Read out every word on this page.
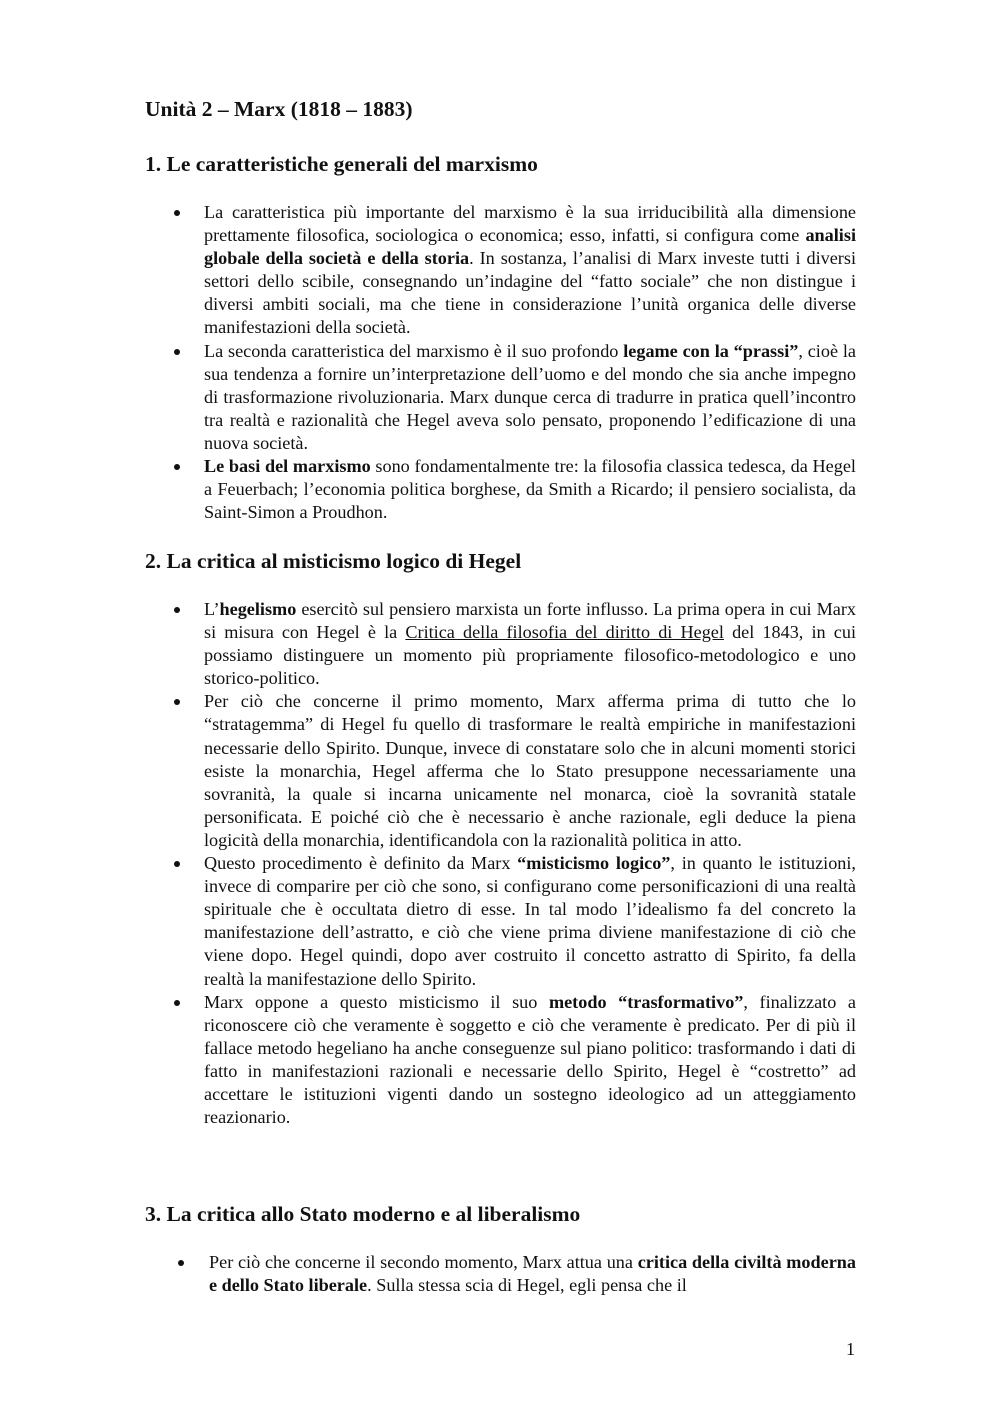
Unità 2 – Marx (1818 – 1883)
1. Le caratteristiche generali del marxismo
La caratteristica più importante del marxismo è la sua irriducibilità alla dimensione prettamente filosofica, sociologica o economica; esso, infatti, si configura come analisi globale della società e della storia. In sostanza, l’analisi di Marx investe tutti i diversi settori dello scibile, consegnando un’indagine del “fatto sociale” che non distingue i diversi ambiti sociali, ma che tiene in considerazione l’unità organica delle diverse manifestazioni della società.
La seconda caratteristica del marxismo è il suo profondo legame con la “prassi”, cioè la sua tendenza a fornire un’interpretazione dell’uomo e del mondo che sia anche impegno di trasformazione rivoluzionaria. Marx dunque cerca di tradurre in pratica quell’incontro tra realtà e razionalità che Hegel aveva solo pensato, proponendo l’edificazione di una nuova società.
Le basi del marxismo sono fondamentalmente tre: la filosofia classica tedesca, da Hegel a Feuerbach; l’economia politica borghese, da Smith a Ricardo; il pensiero socialista, da Saint-Simon a Proudhon.
2. La critica al misticismo logico di Hegel
L’hegelismo esercitò sul pensiero marxista un forte influsso. La prima opera in cui Marx si misura con Hegel è la Critica della filosofia del diritto di Hegel del 1843, in cui possiamo distinguere un momento più propriamente filosofico-metodologico e uno storico-politico.
Per ciò che concerne il primo momento, Marx afferma prima di tutto che lo “stratagemma” di Hegel fu quello di trasformare le realtà empiriche in manifestazioni necessarie dello Spirito. Dunque, invece di constatare solo che in alcuni momenti storici esiste la monarchia, Hegel afferma che lo Stato presuppone necessariamente una sovranità, la quale si incarna unicamente nel monarca, cioè la sovranità statale personificata. E poiché ciò che è necessario è anche razionale, egli deduce la piena logicità della monarchia, identificandola con la razionalità politica in atto.
Questo procedimento è definito da Marx “misticismo logico”, in quanto le istituzioni, invece di comparire per ciò che sono, si configurano come personificazioni di una realtà spirituale che è occultata dietro di esse. In tal modo l’idealismo fa del concreto la manifestazione dell’astratto, e ciò che viene prima diviene manifestazione di ciò che viene dopo. Hegel quindi, dopo aver costruito il concetto astratto di Spirito, fa della realtà la manifestazione dello Spirito.
Marx oppone a questo misticismo il suo metodo “trasformativo”, finalizzato a riconoscere ciò che veramente è soggetto e ciò che veramente è predicato. Per di più il fallace metodo hegeliano ha anche conseguenze sul piano politico: trasformando i dati di fatto in manifestazioni razionali e necessarie dello Spirito, Hegel è “costretto” ad accettare le istituzioni vigenti dando un sostegno ideologico ad un atteggiamento reazionario.
3. La critica allo Stato moderno e al liberalismo
Per ciò che concerne il secondo momento, Marx attua una critica della civiltà moderna e dello Stato liberale. Sulla stessa scia di Hegel, egli pensa che il
1
